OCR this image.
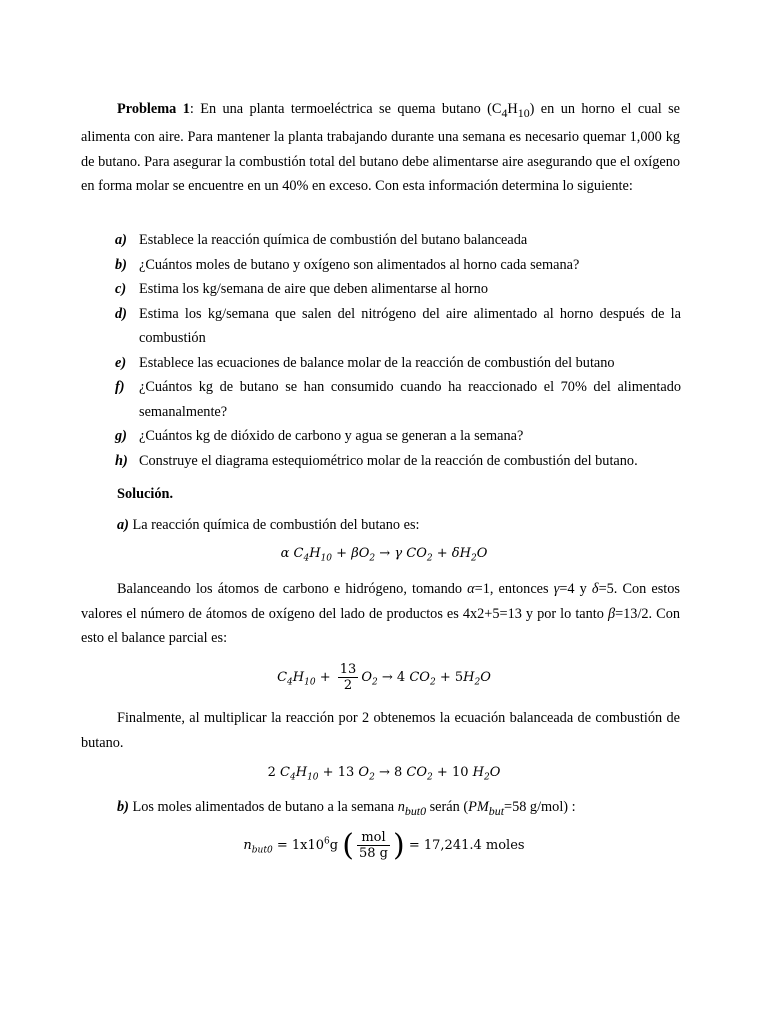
Problema 1: En una planta termoeléctrica se quema butano $(C_4H_{10})$ en un horno el cual se alimenta con aire. Para mantener la planta trabajando durante una semana es necesario quemar 1,000 kg de butano. Para asegurar la combustión total del butano debe alimentarse aire asegurando que el oxígeno en forma molar se encuentre en un 40% en exceso. Con esta información determina lo siguiente:

a) Establece la reacción química de combustión del butano balanceada
b) ¿Cuántos moles de butano y oxígeno son alimentados al horno cada semana?
c) Estima los kg/semana de aire que deben alimentarse al horno
d) Estima los kg/semana que salen del nitrógeno del aire alimentado al horno después de la combustión
e) Establece las ecuaciones de balance molar de la reacción de combustión del butano
f) ¿Cuántos kg de butano se han consumido cuando ha reaccionado el 70% del alimentado semanalmente?
g) ¿Cuántos kg de dióxido de carbono y agua se generan a la semana?
h) Construye el diagrama estequiométrico molar de la reacción de combustión del butano.

Solución.

a) La reacción química de combustión del butano es:

α $C_4H_{10} + \beta O_2 \to \gamma$ $CO_2 + \delta H_2O$

Balanceando los átomos de carbono e hidrógeno, tomando α=1, entonces γ=4 y δ=5. Con estos valores el número de átomos de oxígeno del lado de productos es 4x2+5=13 y por lo tanto β=13/2. Con esto el balance parcial es:

$C_4H_{10} + \frac{13}{2} O_2 \to 4$ $CO_2 + 5H_2O$

Finalmente, al multiplicar la reacción por 2 obtenemos la ecuación balanceada de combustión de butano.

2 $C_4H_{10} + 13$ $O_2 \to 8$ $CO_2 + 10$ $H_2O$

b) Los moles alimentados de butano a la semana $n_{but0}$ serán ($PM_{but}=58$ g/mol) :

$n_{but0} = 1x10^6g$ ( $\frac{\text{mol}}{58 g}$ ) = 17,241.4 moles
